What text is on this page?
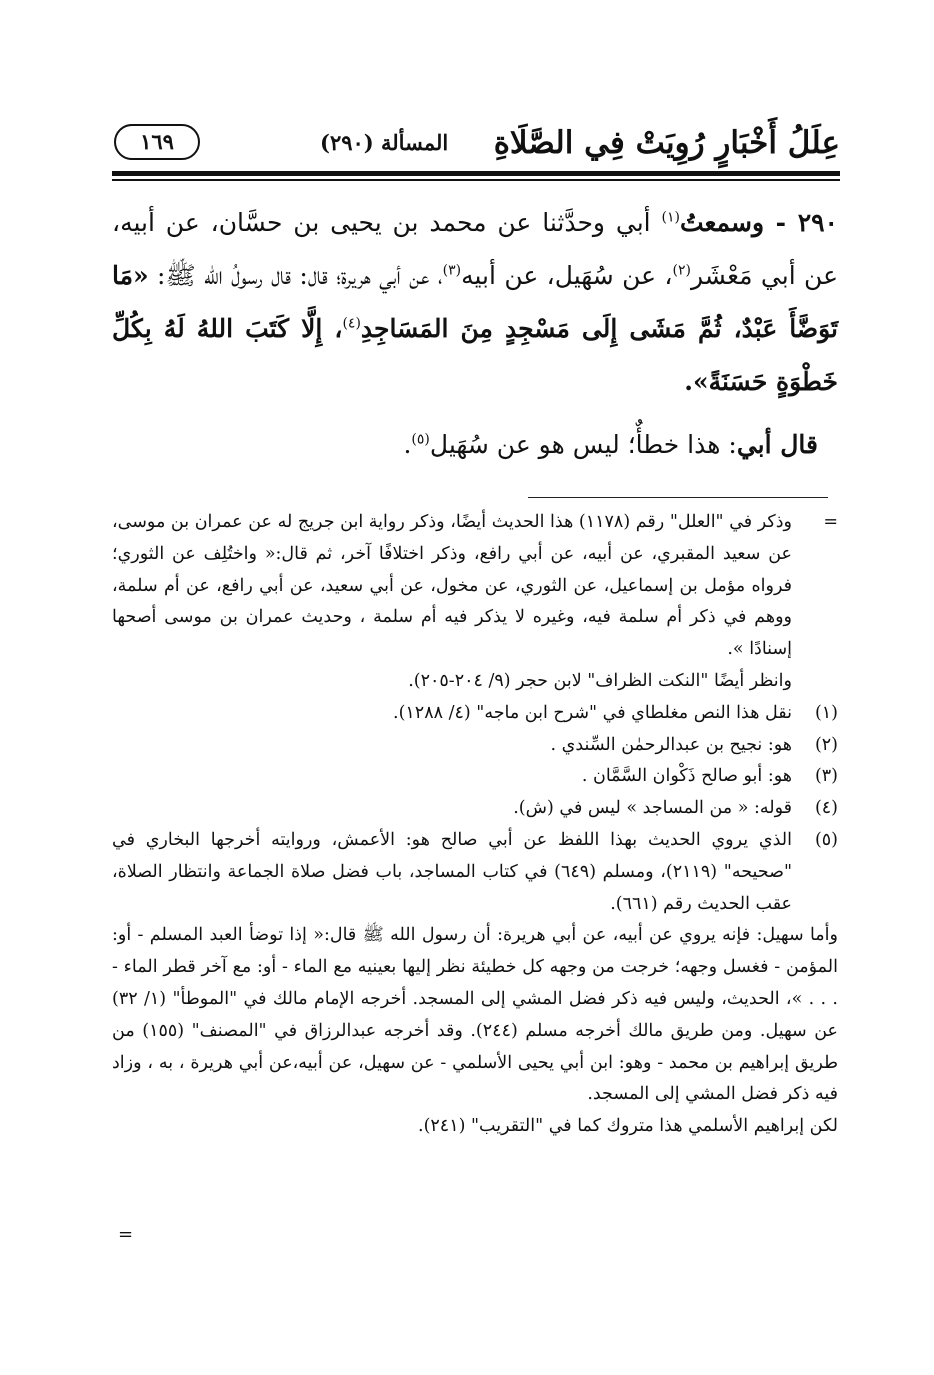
عِلَلُ أَخْبَارٍ رُوِيَتْ فِي الصَّلَاةِ
المسألة (٢٩٠)
١٦٩

٢٩٠ - وسمعتُ$^{(١)}$ أبي وحدَّثنا عن محمد بن يحيى بن حسَّان، عن أبيه، عن أبي مَعْشَر$^{(٢)}$، عن سُهَيل، عن أبيه$^{(٣)}$، عن أبي هريرة؛ قال: قال رسولُ الله ﷺ: «مَا تَوَضَّأَ عَبْدٌ، ثُمَّ مَشَى إِلَى مَسْجِدٍ مِنَ المَسَاجِدِ$^{(٤)}$، إِلَّا كَتَبَ اللهُ لَهُ بِكُلِّ خَطْوَةٍ حَسَنَةً».

قال أبي: هذا خطأٌ؛ ليس هو عن سُهَيل$^{(٥)}$.

=
وذكر في "العلل" رقم (١١٧٨) هذا الحديث أيضًا، وذكر رواية ابن جريج له عن عمران بن موسى، عن سعيد المقبري، عن أبيه، عن أبي رافع، وذكر اختلافًا آخر، ثم قال:« واختُلِف عن الثوري؛ فرواه مؤمل بن إسماعيل، عن الثوري، عن مخول، عن أبي سعيد، عن أبي رافع، عن أم سلمة، ووهم في ذكر أم سلمة فيه، وغيره لا يذكر فيه أم سلمة ، وحديث عمران بن موسى أصحها إسنادًا ».
وانظر أيضًا "النكت الظراف" لابن حجر (٩/ ٢٠٤-٢٠٥).
(١)
نقل هذا النص مغلطاي في "شرح ابن ماجه" (٤/ ١٢٨٨).
(٢)
هو: نجيح بن عبدالرحمٰن السِّندي .
(٣)
هو: أبو صالح ذَكْوان السَّمَّان .
(٤)
قوله: « من المساجد » ليس في (ش).
(٥)
الذي يروي الحديث بهذا اللفظ عن أبي صالح هو: الأعمش، وروايته أخرجها البخاري في "صحيحه" (٢١١٩)، ومسلم (٦٤٩) في كتاب المساجد، باب فضل صلاة الجماعة وانتظار الصلاة، عقب الحديث رقم (٦٦١).
وأما سهيل: فإنه يروي عن أبيه، عن أبي هريرة: أن رسول الله ﷺ قال:« إذا توضأ العبد المسلم - أو: المؤمن - فغسل وجهه؛ خرجت من وجهه كل خطيئة نظر إليها بعينيه مع الماء - أو: مع آخر قطر الماء - . . . »، الحديث، وليس فيه ذكر فضل المشي إلى المسجد. أخرجه الإمام مالك في "الموطأ" (١/ ٣٢) عن سهيل. ومن طريق مالك أخرجه مسلم (٢٤٤). وقد أخرجه عبدالرزاق في "المصنف" (١٥٥) من طريق إبراهيم بن محمد - وهو: ابن أبي يحيى الأسلمي - عن سهيل، عن أبيه،عن أبي هريرة ، به ، وزاد فيه ذكر فضل المشي إلى المسجد.
لكن إبراهيم الأسلمي هذا متروك كما في "التقريب" (٢٤١).
=
